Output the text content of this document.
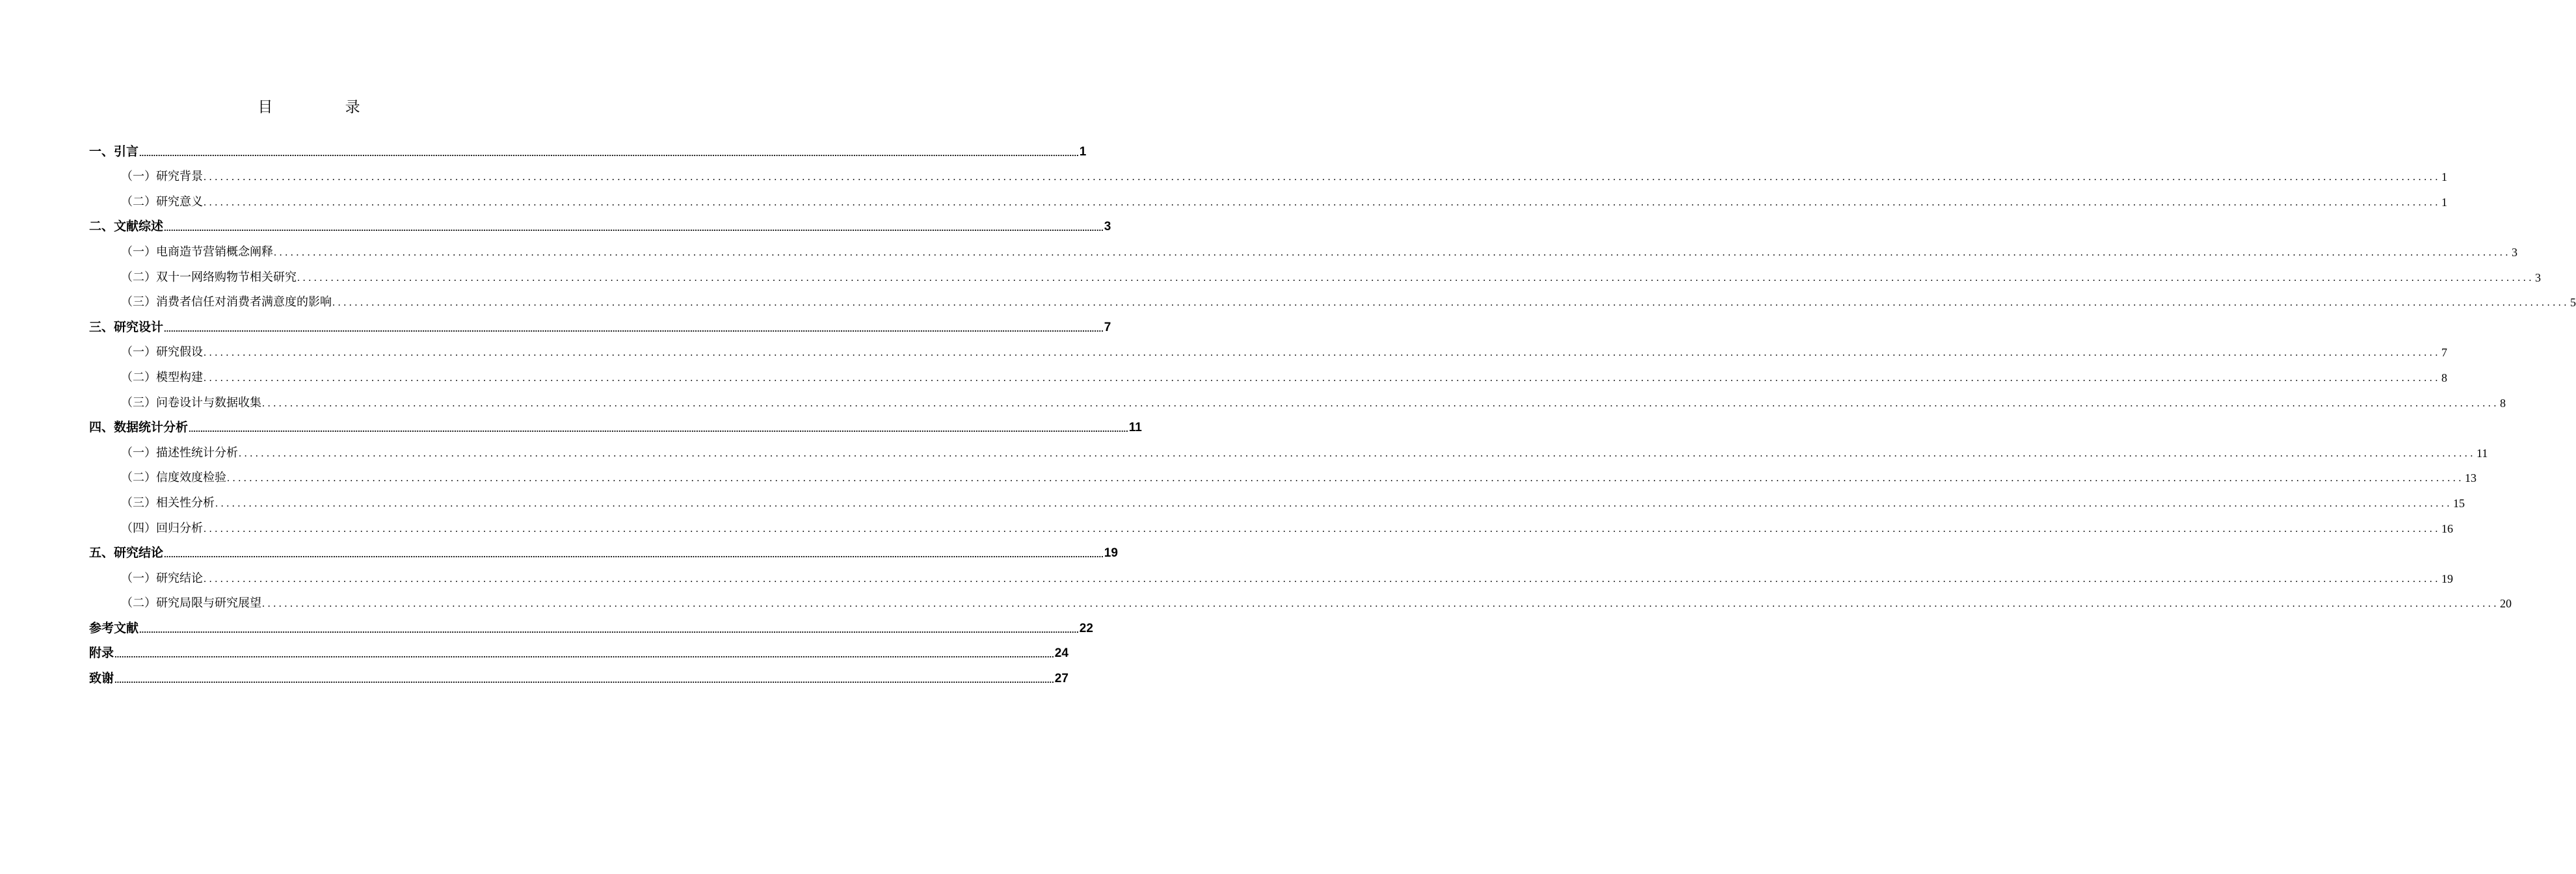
目 录
一、引言 ................................................................................................................................................................................................................................................................................................................................................................................................................ 1
（一）研究背景 ................................................................................................................................................................................................................................................................................................................................................................................................................ 1
（二）研究意义 ................................................................................................................................................................................................................................................................................................................................................................................................................ 1
二、文献综述 ................................................................................................................................................................................................................................................................................................................................................................................................................ 3
（一）电商造节营销概念阐释 ................................................................................................................................................................................................................................................................................................................................................................................................................ 3
（二）双十一网络购物节相关研究 ................................................................................................................................................................................................................................................................................................................................................................................................................ 3
（三）消费者信任对消费者满意度的影响 ................................................................................................................................................................................................................................................................................................................................................................................................................ 5
三、研究设计 ................................................................................................................................................................................................................................................................................................................................................................................................................ 7
（一）研究假设 ................................................................................................................................................................................................................................................................................................................................................................................................................ 7
（二）模型构建 ................................................................................................................................................................................................................................................................................................................................................................................................................ 8
（三）问卷设计与数据收集 ................................................................................................................................................................................................................................................................................................................................................................................................................ 8
四、数据统计分析 ................................................................................................................................................................................................................................................................................................................................................................................................................ 11
（一）描述性统计分析 ................................................................................................................................................................................................................................................................................................................................................................................................................ 11
（二）信度效度检验 ................................................................................................................................................................................................................................................................................................................................................................................................................ 13
（三）相关性分析 ................................................................................................................................................................................................................................................................................................................................................................................................................ 15
（四）回归分析 ................................................................................................................................................................................................................................................................................................................................................................................................................ 16
五、研究结论 ................................................................................................................................................................................................................................................................................................................................................................................................................ 19
（一）研究结论 ................................................................................................................................................................................................................................................................................................................................................................................................................ 19
（二）研究局限与研究展望 ................................................................................................................................................................................................................................................................................................................................................................................................................ 20
参考文献 ................................................................................................................................................................................................................................................................................................................................................................................................................ 22
附录 ................................................................................................................................................................................................................................................................................................................................................................................................................ 24
致谢 ................................................................................................................................................................................................................................................................................................................................................................................................................ 27
